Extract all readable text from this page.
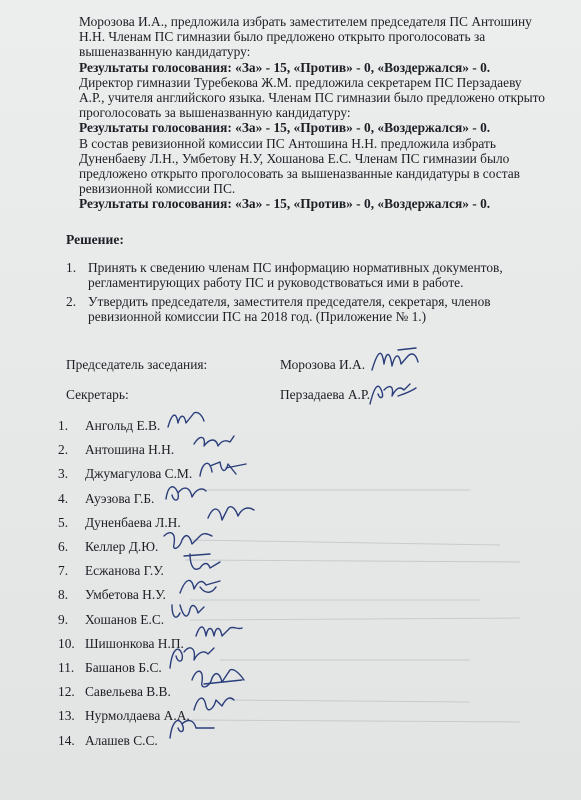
Морозова И.А., предложила избрать заместителем председателя ПС Антошину Н.Н. Членам ПС гимназии было предложено открыто проголосовать за вышеназванную кандидатуру:

Результаты голосования: «За» - 15, «Против» - 0, «Воздержался» - 0.

Директор гимназии Туребекова Ж.М. предложила секретарем ПС Перзадаеву А.Р., учителя английского языка. Членам ПС гимназии было предложено открыто проголосовать за вышеназванную кандидатуру:

Результаты голосования: «За» - 15, «Против» - 0, «Воздержался» - 0.

В состав ревизионной комиссии ПС Антошина Н.Н. предложила избрать Дуненбаеву Л.Н., Умбетову Н.У, Хошанова Е.С. Членам ПС гимназии было предложено открыто проголосовать за вышеназванные кандидатуры в состав ревизионной комиссии ПС.

Результаты голосования: «За» - 15, «Против» - 0, «Воздержался» - 0.

Решение:
1. Принять к сведению членам ПС информацию нормативных документов, регламентирующих работу ПС и руководствоваться ими в работе.
2. Утвердить председателя, заместителя председателя, секретаря, членов ревизионной комиссии ПС на 2018 год. (Приложение № 1.)
Председатель заседания:	Морозова И.А.
Секретарь:	Перзадаева А.Р.
1.	Ангольд Е.В.
2.	Антошина Н.Н.
3.	Джумагулова С.М.
4.	Ауэзова Г.Б.
5.	Дуненбаева Л.Н.
6.	Келлер Д.Ю.
7.	Есжанова Г.У.
8.	Умбетова Н.У.
9.	Хошанов Е.С.
10. Шишонкова Н.П.
11. Башанов Б.С.
12. Савельева В.В.
13. Нурмолдаева А.А.
14. Алашев С.С.
